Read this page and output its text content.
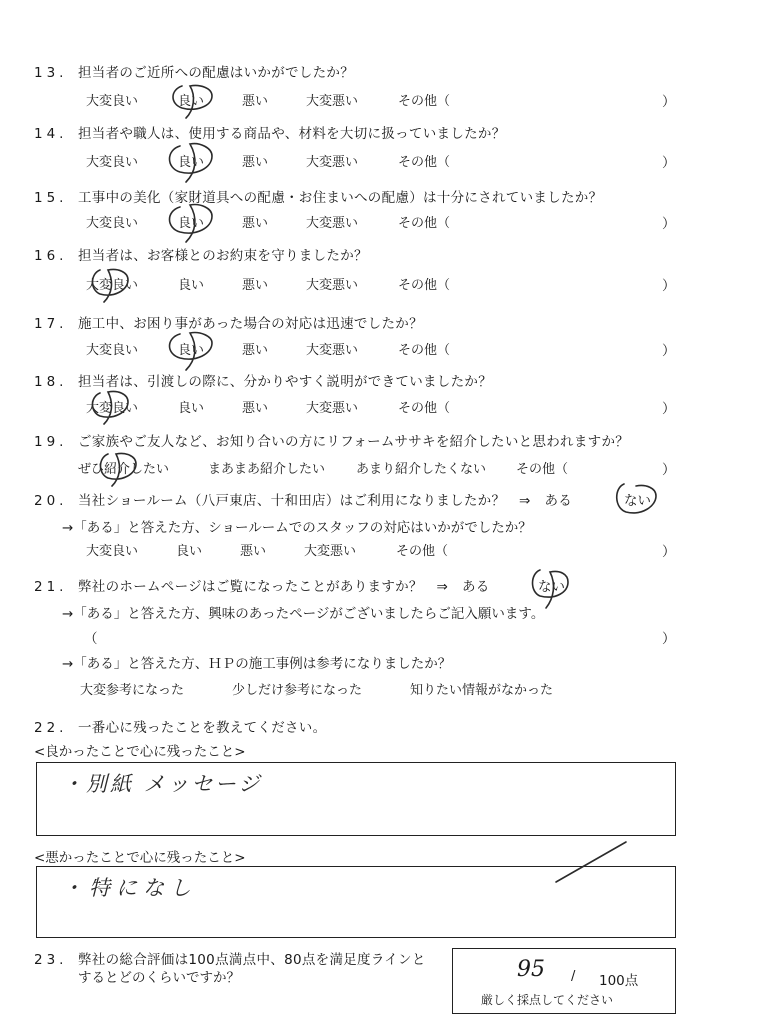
13. 担当者のご近所への配慮はいかがでしたか？
大変良い	良い	悪い	大変悪い	その他（	）
14. 担当者や職人は、使用する商品や、材料を大切に扱っていましたか？
大変良い	良い	悪い	大変悪い	その他（	）
15. 工事中の美化（家財道具への配慮・お住まいへの配慮）は十分にされていましたか？
大変良い	良い	悪い	大変悪い	その他（	）
16. 担当者は、お客様とのお約束を守りましたか？
大変良い	良い	悪い	大変悪い	その他（	）
17. 施工中、お困り事があった場合の対応は迅速でしたか？
大変良い	良い	悪い	大変悪い	その他（	）
18. 担当者は、引渡しの際に、分かりやすく説明ができていましたか？
大変良い	良い	悪い	大変悪い	その他（	）
19. ご家族やご友人など、お知り合いの方にリフォームササキを紹介したいと思われますか？
ぜひ紹介したい	まあまあ紹介したい あまり紹介したくない その他（	）
20. 当社ショールーム（八戸東店、十和田店）はご利用になりましたか？　⇒　ある	ない
→「ある」と答えた方、ショールームでのスタッフの対応はいかがでしたか？
大変良い	良い	悪い	大変悪い	その他（	）
21. 弊社のホームページはご覧になったことがありますか？　⇒　ある	ない
→「ある」と答えた方、興味のあったページがございましたらご記入願います。
（	）
→「ある」と答えた方、ＨＰの施工事例は参考になりましたか？
大変参考になった	少しだけ参考になった	知りたい情報がなかった
22. 一番心に残ったことを教えてください。
<良かったことで心に残ったこと>
・別紙 メッセージ
<悪かったことで心に残ったこと>
・特になし
23. 弊社の総合評価は100点満点中、80点を満足度ラインと
するとどのくらいですか？	95 / 100点
厳しく採点してください
